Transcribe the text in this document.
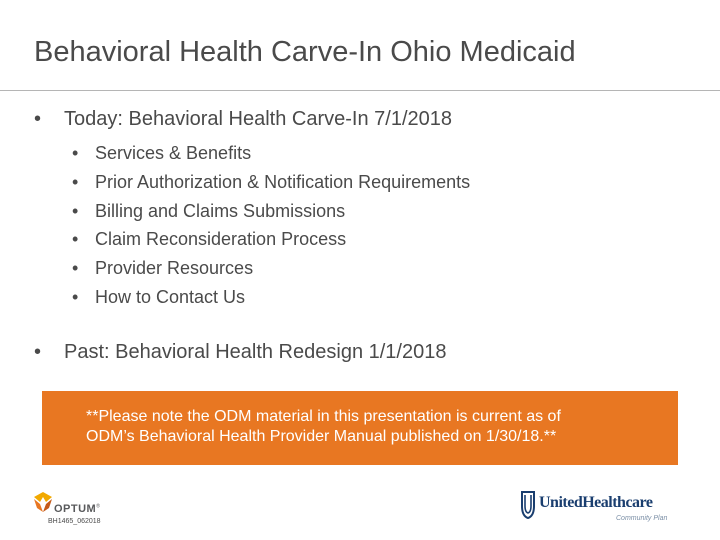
Behavioral Health Carve-In Ohio Medicaid
• Today: Behavioral Health Carve-In 7/1/2018
• Services & Benefits
• Prior Authorization & Notification Requirements
• Billing and Claims Submissions
• Claim Reconsideration Process
• Provider Resources
• How to Contact Us
• Past: Behavioral Health Redesign 1/1/2018
**Please note the ODM material in this presentation is current as of
ODM’s Behavioral Health Provider Manual published on 1/30/18.**
OPTUM®
BH1465_062018
UnitedHealthcare
Community Plan
